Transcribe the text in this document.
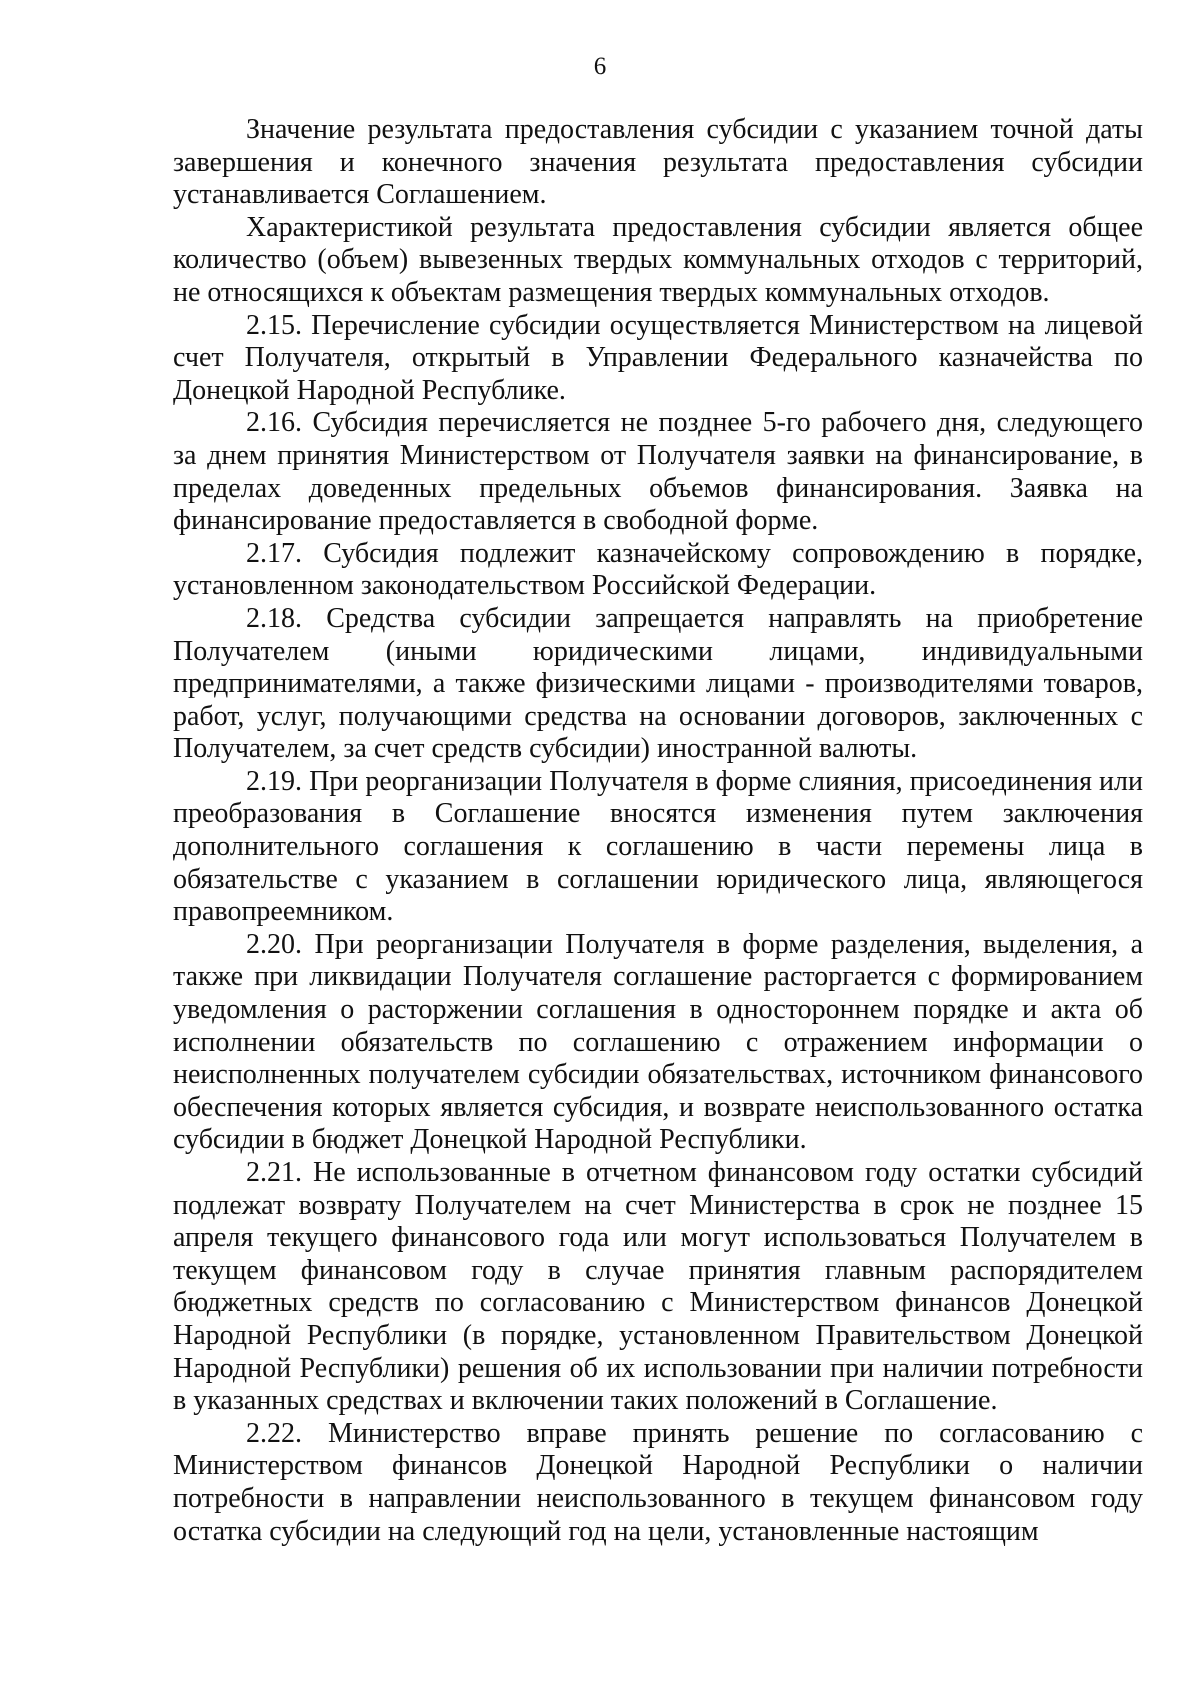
6

Значение результата предоставления субсидии с указанием точной даты завершения и конечного значения результата предоставления субсидии устанавливается Соглашением.

Характеристикой результата предоставления субсидии является общее количество (объем) вывезенных твердых коммунальных отходов с территорий, не относящихся к объектам размещения твердых коммунальных отходов.

2.15. Перечисление субсидии осуществляется Министерством на лицевой счет Получателя, открытый в Управлении Федерального казначейства по Донецкой Народной Республике.

2.16. Субсидия перечисляется не позднее 5-го рабочего дня, следующего за днем принятия Министерством от Получателя заявки на финансирование, в пределах доведенных предельных объемов финансирования. Заявка на финансирование предоставляется в свободной форме.

2.17. Субсидия подлежит казначейскому сопровождению в порядке, установленном законодательством Российской Федерации.

2.18. Средства субсидии запрещается направлять на приобретение Получателем (иными юридическими лицами, индивидуальными предпринимателями, а также физическими лицами - производителями товаров, работ, услуг, получающими средства на основании договоров, заключенных с Получателем, за счет средств субсидии) иностранной валюты.

2.19. При реорганизации Получателя в форме слияния, присоединения или преобразования в Соглашение вносятся изменения путем заключения дополнительного соглашения к соглашению в части перемены лица в обязательстве с указанием в соглашении юридического лица, являющегося правопреемником.

2.20. При реорганизации Получателя в форме разделения, выделения, а также при ликвидации Получателя соглашение расторгается с формированием уведомления о расторжении соглашения в одностороннем порядке и акта об исполнении обязательств по соглашению с отражением информации о неисполненных получателем субсидии обязательствах, источником финансового обеспечения которых является субсидия, и возврате неиспользованного остатка субсидии в бюджет Донецкой Народной Республики.

2.21. Не использованные в отчетном финансовом году остатки субсидий подлежат возврату Получателем на счет Министерства в срок не позднее 15 апреля текущего финансового года или могут использоваться Получателем в текущем финансовом году в случае принятия главным распорядителем бюджетных средств по согласованию с Министерством финансов Донецкой Народной Республики (в порядке, установленном Правительством Донецкой Народной Республики) решения об их использовании при наличии потребности в указанных средствах и включении таких положений в Соглашение.

2.22. Министерство вправе принять решение по согласованию с Министерством финансов Донецкой Народной Республики о наличии потребности в направлении неиспользованного в текущем финансовом году остатка субсидии на следующий год на цели, установленные настоящим
